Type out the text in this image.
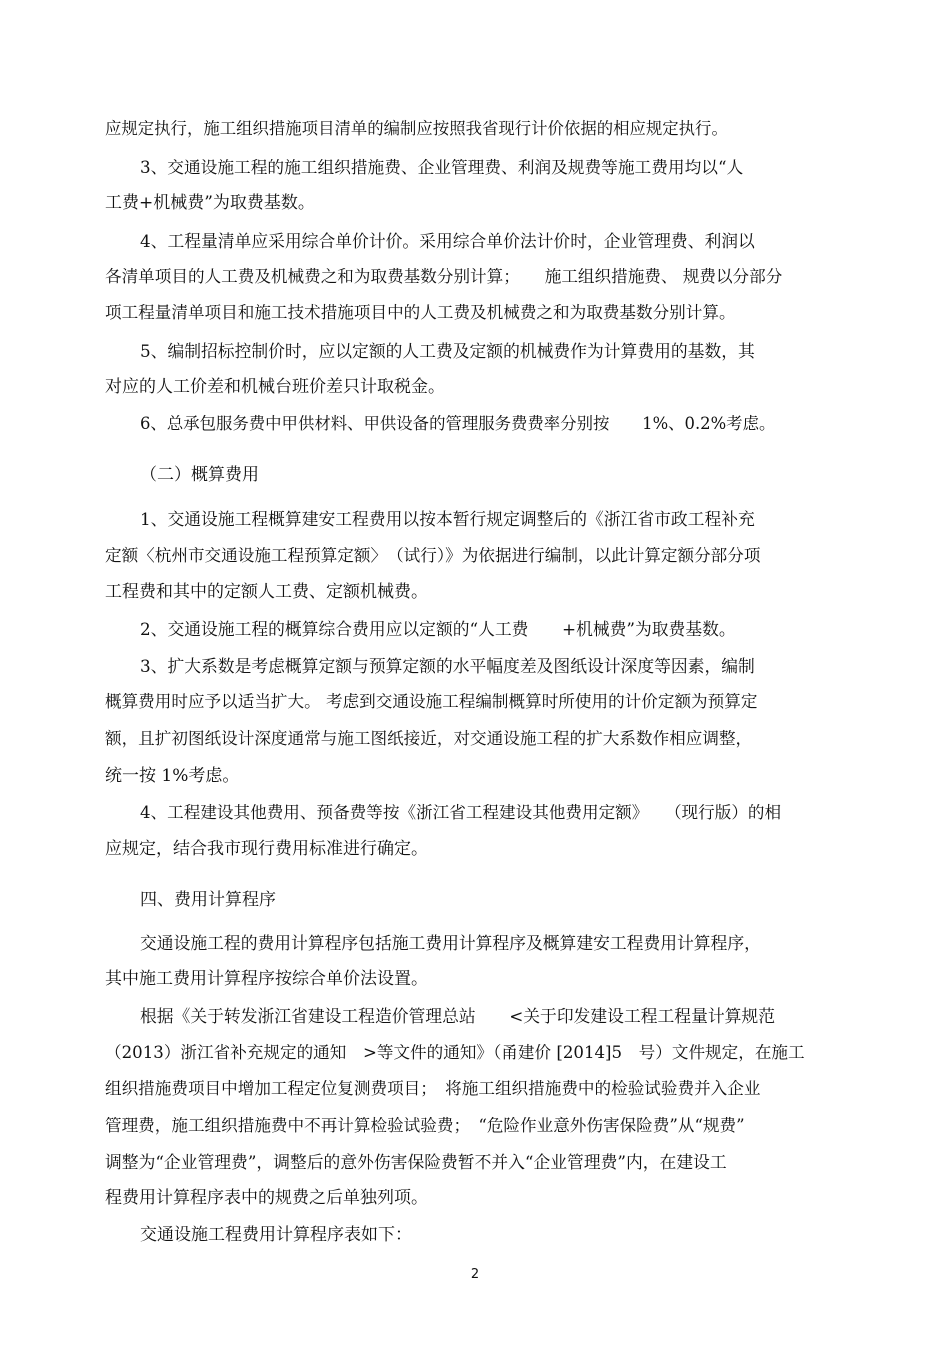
应规定执行，施工组织措施项目清单的编制应按照我省现行计价依据的相应规定执行。
3、交通设施工程的施工组织措施费、企业管理费、利润及规费等施工费用均以“人
工费+机械费”为取费基数。
4、工程量清单应采用综合单价计价。采用综合单价法计价时，企业管理费、利润以
各清单项目的人工费及机械费之和为取费基数分别计算；　　施工组织措施费、 规费以分部分
项工程量清单项目和施工技术措施项目中的人工费及机械费之和为取费基数分别计算。
5、编制招标控制价时，应以定额的人工费及定额的机械费作为计算费用的基数，其
对应的人工价差和机械台班价差只计取税金。
6、总承包服务费中甲供材料、甲供设备的管理服务费费率分别按　　1%、0.2%考虑。
（二）概算费用
1、交通设施工程概算建安工程费用以按本暂行规定调整后的《浙江省市政工程补充
定额〈杭州市交通设施工程预算定额〉　（试行）》为依据进行编制，以此计算定额分部分项
工程费和其中的定额人工费、定额机械费。
2、交通设施工程的概算综合费用应以定额的“人工费　　+机械费”为取费基数。
3、扩大系数是考虑概算定额与预算定额的水平幅度差及图纸设计深度等因素，编制
概算费用时应予以适当扩大。 考虑到交通设施工程编制概算时所使用的计价定额为预算定
额，且扩初图纸设计深度通常与施工图纸接近，对交通设施工程的扩大系数作相应调整，
统一按 1%考虑。
4、工程建设其他费用、预备费等按《浙江省工程建设其他费用定额》　　（现行版）的相
应规定，结合我市现行费用标准进行确定。
四、费用计算程序
交通设施工程的费用计算程序包括施工费用计算程序及概算建安工程费用计算程序，
其中施工费用计算程序按综合单价法设置。
根据《关于转发浙江省建设工程造价管理总站　　<关于印发建设工程工程量计算规范
（2013）浙江省补充规定的通知　>等文件的通知》（甬建价 [2014]5　号）文件规定，在施工
组织措施费项目中增加工程定位复测费项目；　将施工组织措施费中的检验试验费并入企业
管理费，施工组织措施费中不再计算检验试验费；　“危险作业意外伤害保险费”从“规费”
调整为“企业管理费”，调整后的意外伤害保险费暂不并入“企业管理费”内，在建设工
程费用计算程序表中的规费之后单独列项。
交通设施工程费用计算程序表如下：
2
